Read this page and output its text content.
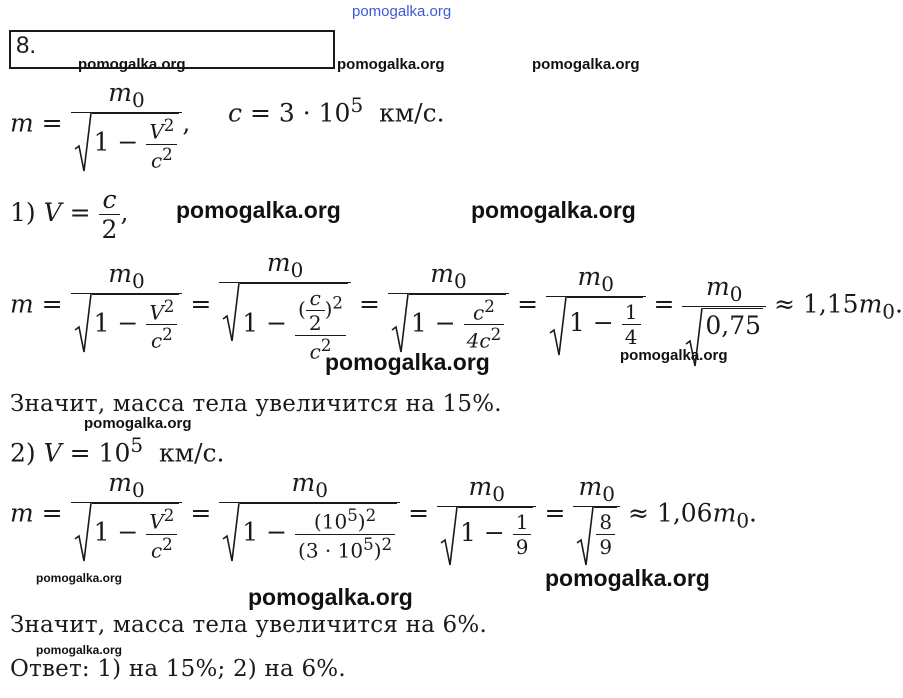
pomogalka.org
pomogalka.org	pomogalka.org	pomogalka.org
pomogalka.org	pomogalka.org
pomogalka.org	pomogalka.org
pomogalka.org
pomogalka.org	pomogalka.org
pomogalka.org
pomogalka.org
8.
$m = \frac{m_0}{1 - \frac{V^2}{c^2}}$ , $c = 3 \cdot 10^5$ км/с.
1) $V = \frac{c}{2}$ ,
$m = \frac{m_0}{1 - \frac{V^2}{c^2}} = \frac{m_0}{1 - \frac{( \frac{c}{2} )^2}{c^2}} = \frac{m_0}{1 - \frac{c^2}{4c^2}} = \frac{m_0}{1 - \frac{1}{4}} = \frac{m_0}{0,75} \approx 1,15m_0$.
Значит, масса тела увеличится на 15%.
2) $V = 10^5$ км/с.
$m = \frac{m_0}{1 - \frac{V^2}{c^2}} = \frac{m_0}{1 - \frac{(10^5)^2}{(3 \cdot 10^5)^2}} = \frac{m_0}{1 - \frac{1}{9}} = \frac{m_0}{\frac{8}{9}} \approx 1,06m_0$.
Значит, масса тела увеличится на 6%.
Ответ: 1) на 15%; 2) на 6%.
